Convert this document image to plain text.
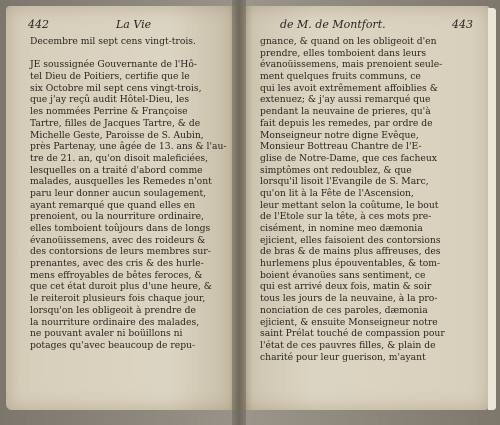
442	La Vie
Decembre mil sept cens vingt-trois.
JE soussignée Gouvernante de l'Hô-
tel Dieu de Poitiers, certifie que le
six Octobre mil sept cens vingt-trois,
que j'ay reçû audit Hôtel-Dieu, les
les nommées Perrine & Françoise
Tartre, filles de Jacques Tartre, & de
Michelle Geste, Paroisse de S. Aubin,
près Partenay, une âgée de 13. ans & l'au-
tre de 21. an, qu'on disoit maleficiées,
lesquelles on a traité d'abord comme
malades, ausquelles les Remedes n'ont
paru leur donner aucun soulagement,
ayant remarqué que quand elles en
prenoient, ou la nourriture ordinaire,
elles tomboient toûjours dans de longs
évanoüissemens, avec des roideurs &
des contorsions de leurs membres sur-
prenantes, avec des cris & des hurle-
mens effroyables de bêtes feroces, &
que cet état duroit plus d'une heure, &
le reiteroit plusieurs fois chaque jour,
lorsqu'on les obligeoit à prendre de
la nourriture ordinaire des malades,
ne pouvant avaler ni boüillons ni
potages qu'avec beaucoup de repu-
de M. de Montfort.	443
gnance, & quand on les obligeoit d'en
prendre, elles tomboient dans leurs
évanoüissemens, mais prenoient seule-
ment quelques fruits communs, ce
qui les avoit extrêmement affoiblies &
extenuez; & j'ay aussi remarqué que
pendant la neuvaine de prieres, qu'à
fait depuis les remedes, par ordre de
Monseigneur notre digne Evêque,
Monsieur Bottreau Chantre de l'E-
glise de Notre-Dame, que ces facheux
simptômes ont redoublez, & que
lorsqu'il lisoit l'Evangile de S. Marc,
qu'on lit à la Fête de l'Ascension,
leur mettant selon la coûtume, le bout
de l'Etole sur la tête, à ces mots pre-
cisément, in nomine meo dæmonia
ejicient, elles faisoient des contorsions
de bras & de mains plus affreuses, des
hurlemens plus épouventables, & tom-
boient évanoües sans sentiment, ce
qui est arrivé deux fois, matin & soir
tous les jours de la neuvaine, à la pro-
nonciation de ces paroles, dæmonia
ejicient, & ensuite Monseigneur notre
saint Prélat touché de compassion pour
l'état de ces pauvres filles, & plain de
charité pour leur guerison, m'ayant
